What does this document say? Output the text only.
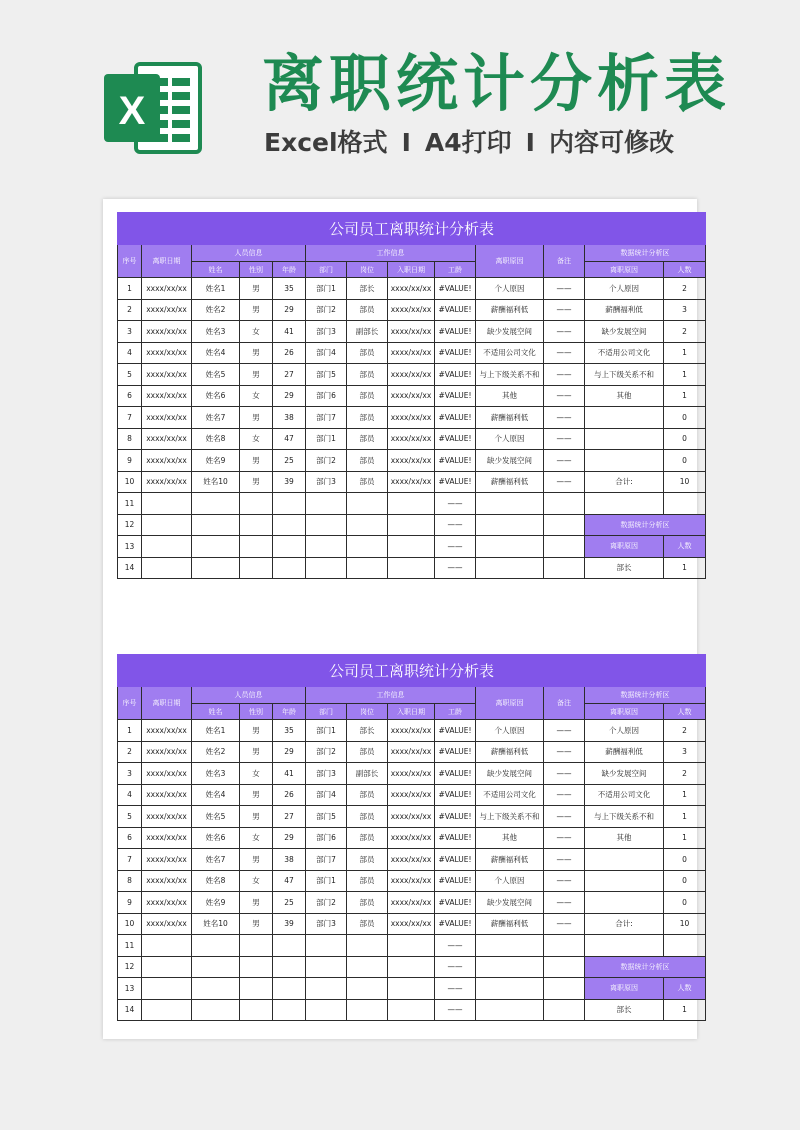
X 离职统计分析表
Excel格式 I A4打印 I 内容可修改
公司员工离职统计分析表												
序号	离职日期	人员信息			工作信息				离职原因	备注	数据统计分析区	
		姓名	性别	年龄	部门	岗位	入职日期	工龄			离职原因	人数
1	xxxx/xx/xx	姓名1	男	35	部门1	部长	xxxx/xx/xx	#VALUE!	个人原因	——	个人原因	2
2	xxxx/xx/xx	姓名2	男	29	部门2	部员	xxxx/xx/xx	#VALUE!	薪酬福利低	——	薪酬福利低	3
3	xxxx/xx/xx	姓名3	女	41	部门3	副部长	xxxx/xx/xx	#VALUE!	缺少发展空间	——	缺少发展空间	2
4	xxxx/xx/xx	姓名4	男	26	部门4	部员	xxxx/xx/xx	#VALUE!	不适用公司文化	——	不适用公司文化	1
5	xxxx/xx/xx	姓名5	男	27	部门5	部员	xxxx/xx/xx	#VALUE!	与上下级关系不和	——	与上下级关系不和	1
6	xxxx/xx/xx	姓名6	女	29	部门6	部员	xxxx/xx/xx	#VALUE!	其他	——	其他	1
7	xxxx/xx/xx	姓名7	男	38	部门7	部员	xxxx/xx/xx	#VALUE!	薪酬福利低	——		0
8	xxxx/xx/xx	姓名8	女	47	部门1	部员	xxxx/xx/xx	#VALUE!	个人原因	——		0
9	xxxx/xx/xx	姓名9	男	25	部门2	部员	xxxx/xx/xx	#VALUE!	缺少发展空间	——		0
10	xxxx/xx/xx	姓名10	男	39	部门3	部员	xxxx/xx/xx	#VALUE!	薪酬福利低	——	合计:	10
11								——				
12								——			数据统计分析区	
13								——			离职原因	人数
14								——			部长	1
公司员工离职统计分析表												
序号	离职日期	人员信息			工作信息				离职原因	备注	数据统计分析区	
		姓名	性别	年龄	部门	岗位	入职日期	工龄			离职原因	人数
1	xxxx/xx/xx	姓名1	男	35	部门1	部长	xxxx/xx/xx	#VALUE!	个人原因	——	个人原因	2
2	xxxx/xx/xx	姓名2	男	29	部门2	部员	xxxx/xx/xx	#VALUE!	薪酬福利低	——	薪酬福利低	3
3	xxxx/xx/xx	姓名3	女	41	部门3	副部长	xxxx/xx/xx	#VALUE!	缺少发展空间	——	缺少发展空间	2
4	xxxx/xx/xx	姓名4	男	26	部门4	部员	xxxx/xx/xx	#VALUE!	不适用公司文化	——	不适用公司文化	1
5	xxxx/xx/xx	姓名5	男	27	部门5	部员	xxxx/xx/xx	#VALUE!	与上下级关系不和	——	与上下级关系不和	1
6	xxxx/xx/xx	姓名6	女	29	部门6	部员	xxxx/xx/xx	#VALUE!	其他	——	其他	1
7	xxxx/xx/xx	姓名7	男	38	部门7	部员	xxxx/xx/xx	#VALUE!	薪酬福利低	——		0
8	xxxx/xx/xx	姓名8	女	47	部门1	部员	xxxx/xx/xx	#VALUE!	个人原因	——		0
9	xxxx/xx/xx	姓名9	男	25	部门2	部员	xxxx/xx/xx	#VALUE!	缺少发展空间	——		0
10	xxxx/xx/xx	姓名10	男	39	部门3	部员	xxxx/xx/xx	#VALUE!	薪酬福利低	——	合计:	10
11								——				
12								——			数据统计分析区	
13								——			离职原因	人数
14								——			部长	1
